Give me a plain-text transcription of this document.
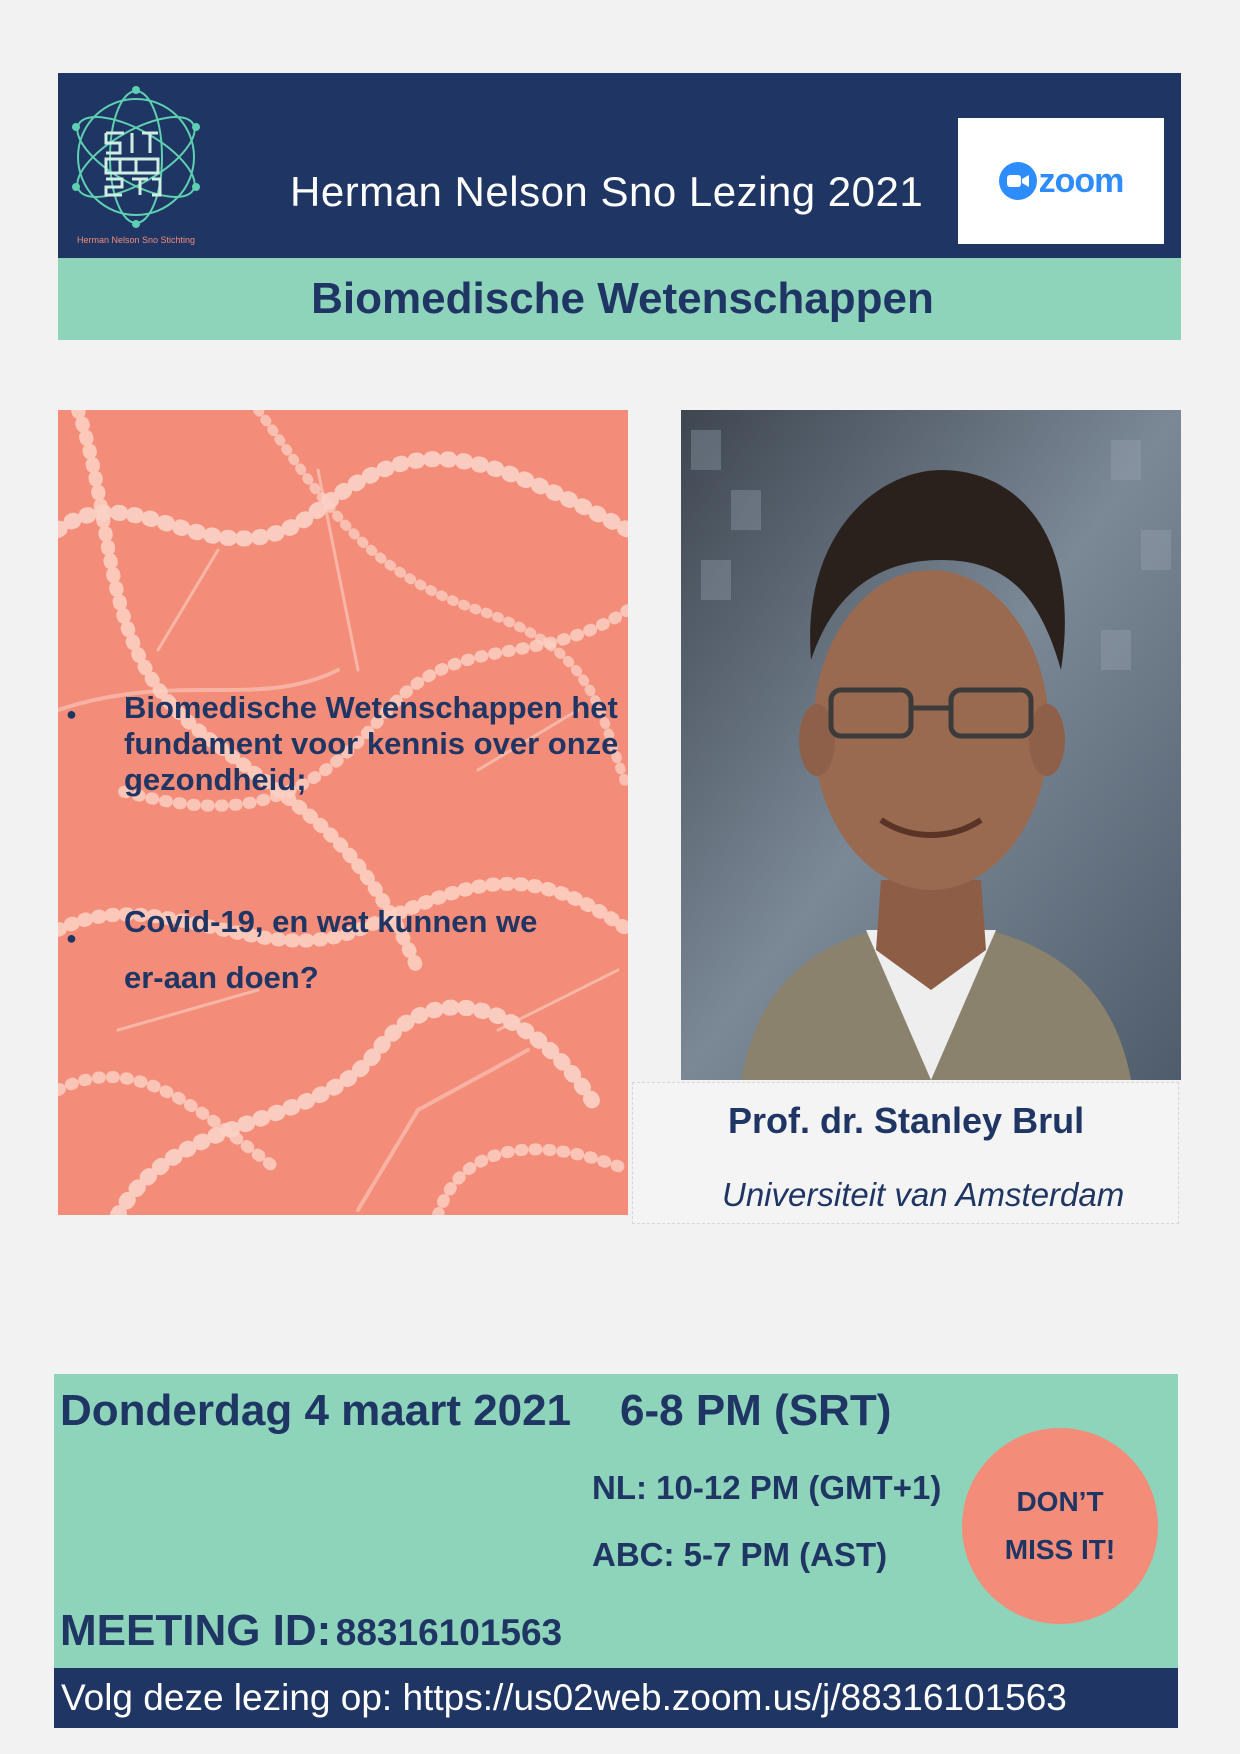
Herman Nelson Sno Stichting
Herman Nelson Sno Lezing 2021	zoom
Biomedische Wetenschappen
● Biomedische Wetenschappen het fundament voor kennis over onze gezondheid;
● Covid-19, en wat kunnen we er-aan doen?
Prof. dr. Stanley Brul
Universiteit van Amsterdam
Donderdag 4 maart 2021 6-8 PM (SRT)
NL: 10-12 PM (GMT+1)
ABC: 5-7 PM (AST)
DON’T
MISS IT!
MEETING ID: 88316101563
Volg deze lezing op: https://us02web.zoom.us/j/88316101563
